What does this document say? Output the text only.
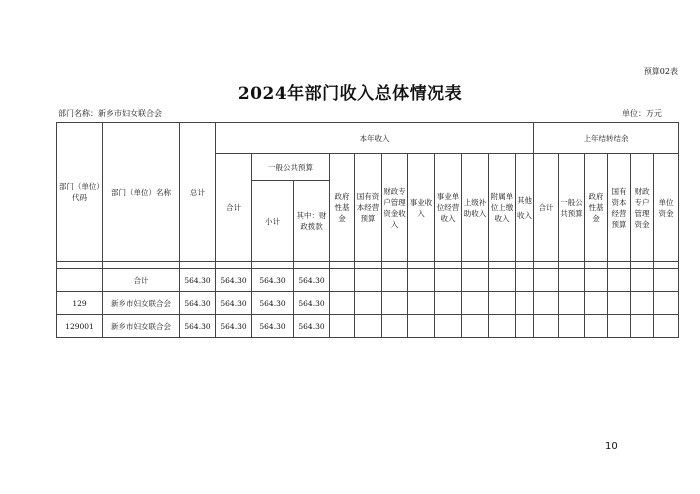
预算02表
2024年部门收入总体情况表
部门名称：新乡市妇女联合会	单位：万元
部门（单位）代码	部门（单位）名称	总计	本年收入											上年结转结余					
			合计	一般公共预算		政府性基金	国有资本经营预算	财政专户管理资金收入	事业收入	事业单位经营收入	上级补助收入	附属单位上缴收入	其他收入	合计	一般公共预算	政府性基金	国有资本经营预算	财政专户管理资金	单位资金
				小计	其中：财政拨款														

	合计	564.30	564.30	564.30	564.30														
129	新乡市妇女联合会	564.30	564.30	564.30	564.30														
129001	新乡市妇女联合会	564.30	564.30	564.30	564.30														
10
